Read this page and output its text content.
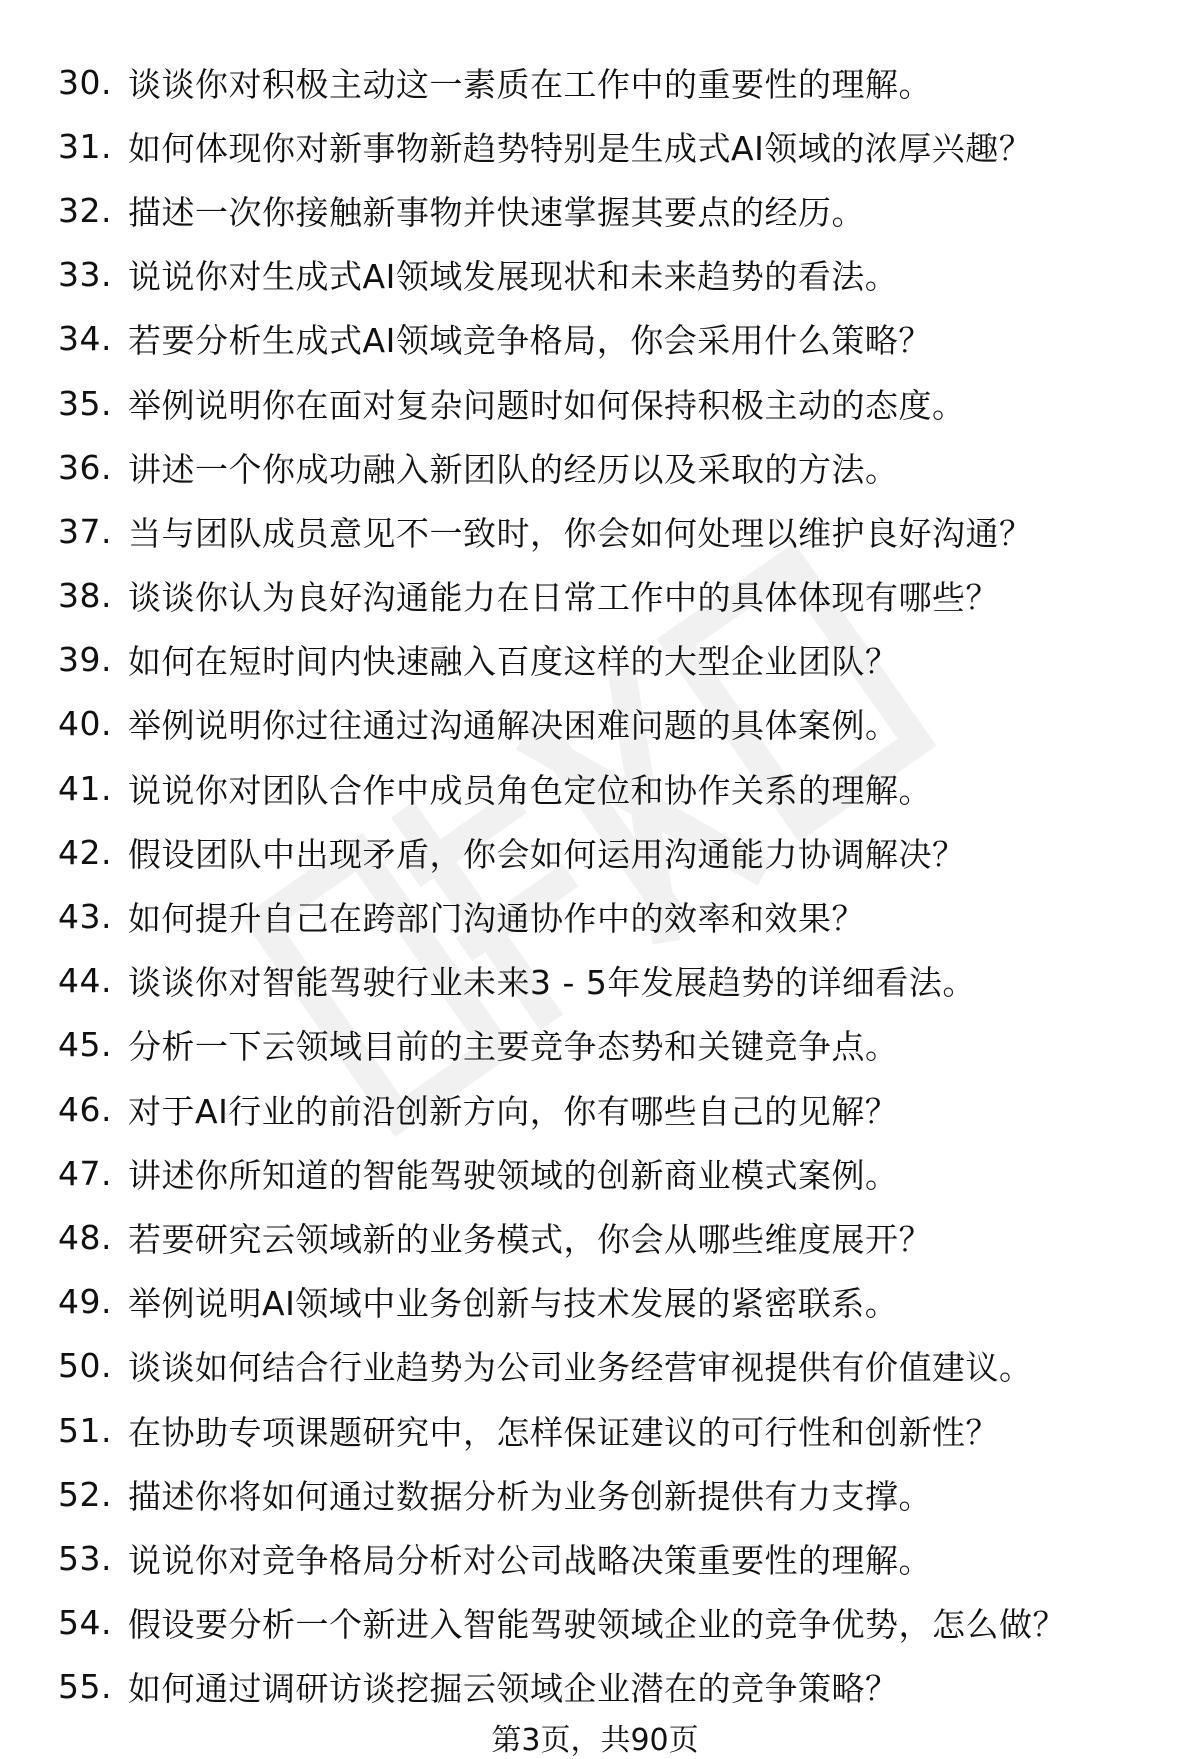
30. 谈谈你对积极主动这一素质在工作中的重要性的理解。
31. 如何体现你对新事物新趋势特别是生成式AI领域的浓厚兴趣？
32. 描述一次你接触新事物并快速掌握其要点的经历。
33. 说说你对生成式AI领域发展现状和未来趋势的看法。
34. 若要分析生成式AI领域竞争格局，你会采用什么策略？
35. 举例说明你在面对复杂问题时如何保持积极主动的态度。
36. 讲述一个你成功融入新团队的经历以及采取的方法。
37. 当与团队成员意见不一致时，你会如何处理以维护良好沟通？
38. 谈谈你认为良好沟通能力在日常工作中的具体体现有哪些？
39. 如何在短时间内快速融入百度这样的大型企业团队？
40. 举例说明你过往通过沟通解决困难问题的具体案例。
41. 说说你对团队合作中成员角色定位和协作关系的理解。
42. 假设团队中出现矛盾，你会如何运用沟通能力协调解决？
43. 如何提升自己在跨部门沟通协作中的效率和效果？
44. 谈谈你对智能驾驶行业未来3 - 5年发展趋势的详细看法。
45. 分析一下云领域目前的主要竞争态势和关键竞争点。
46. 对于AI行业的前沿创新方向，你有哪些自己的见解？
47. 讲述你所知道的智能驾驶领域的创新商业模式案例。
48. 若要研究云领域新的业务模式，你会从哪些维度展开？
49. 举例说明AI领域中业务创新与技术发展的紧密联系。
50. 谈谈如何结合行业趋势为公司业务经营审视提供有价值建议。
51. 在协助专项课题研究中，怎样保证建议的可行性和创新性？
52. 描述你将如何通过数据分析为业务创新提供有力支撑。
53. 说说你对竞争格局分析对公司战略决策重要性的理解。
54. 假设要分析一个新进入智能驾驶领域企业的竞争优势，怎么做？
55. 如何通过调研访谈挖掘云领域企业潜在的竞争策略？
第3页，共90页
